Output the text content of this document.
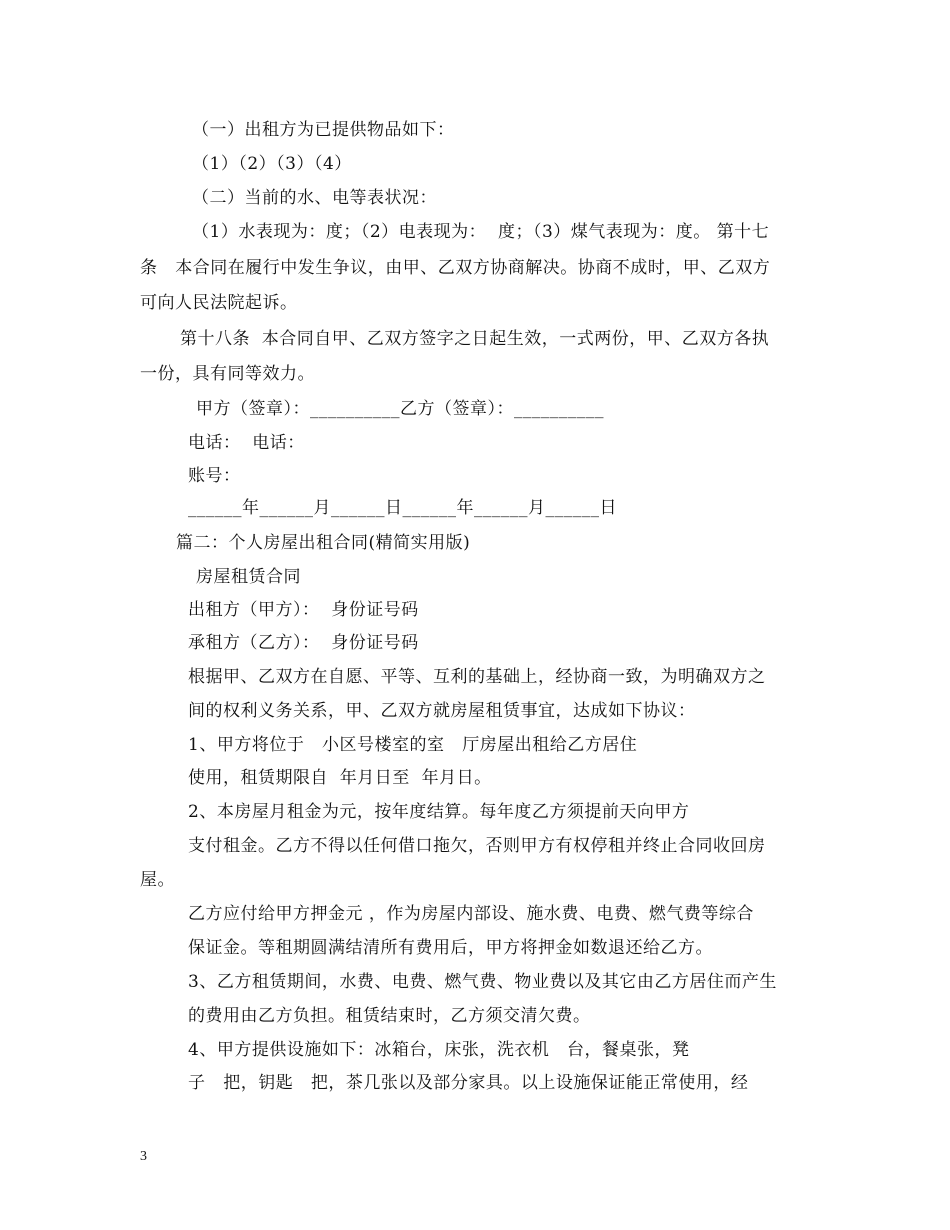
（一）出租方为已提供物品如下：
（1）（2）（3）（4）
（二）当前的水、电等表状况：
（1）水表现为：度；（2）电表现为：  度；（3）煤气表现为：度。 第十七
条   本合同在履行中发生争议，由甲、乙双方协商解决。协商不成时，甲、乙双方
可向人民法院起诉。
第十八条  本合同自甲、乙双方签字之日起生效，一式两份，甲、乙双方各执
一份，具有同等效力。
甲方（签章）：__________乙方（签章）：__________
电话：  电话：
账号：
______年______月______日______年______月______日
篇二：个人房屋出租合同(精简实用版)
房屋租赁合同
出租方（甲方）：  身份证号码
承租方（乙方）：  身份证号码
根据甲、乙双方在自愿、平等、互利的基础上，经协商一致，为明确双方之
间的权利义务关系，甲、乙双方就房屋租赁事宜，达成如下协议：
1、甲方将位于   小区号楼室的室   厅房屋出租给乙方居住
使用，租赁期限自  年月日至  年月日。
2、本房屋月租金为元，按年度结算。每年度乙方须提前天向甲方
支付租金。乙方不得以任何借口拖欠，否则甲方有权停租并终止合同收回房
屋。
乙方应付给甲方押金元 ，作为房屋内部设、施水费、电费、燃气费等综合
保证金。等租期圆满结清所有费用后，甲方将押金如数退还给乙方。
3、乙方租赁期间，水费、电费、燃气费、物业费以及其它由乙方居住而产生
的费用由乙方负担。租赁结束时，乙方须交清欠费。
4、甲方提供设施如下：冰箱台，床张，洗衣机   台，餐桌张，凳
子   把，钥匙   把，茶几张以及部分家具。以上设施保证能正常使用，经
3
